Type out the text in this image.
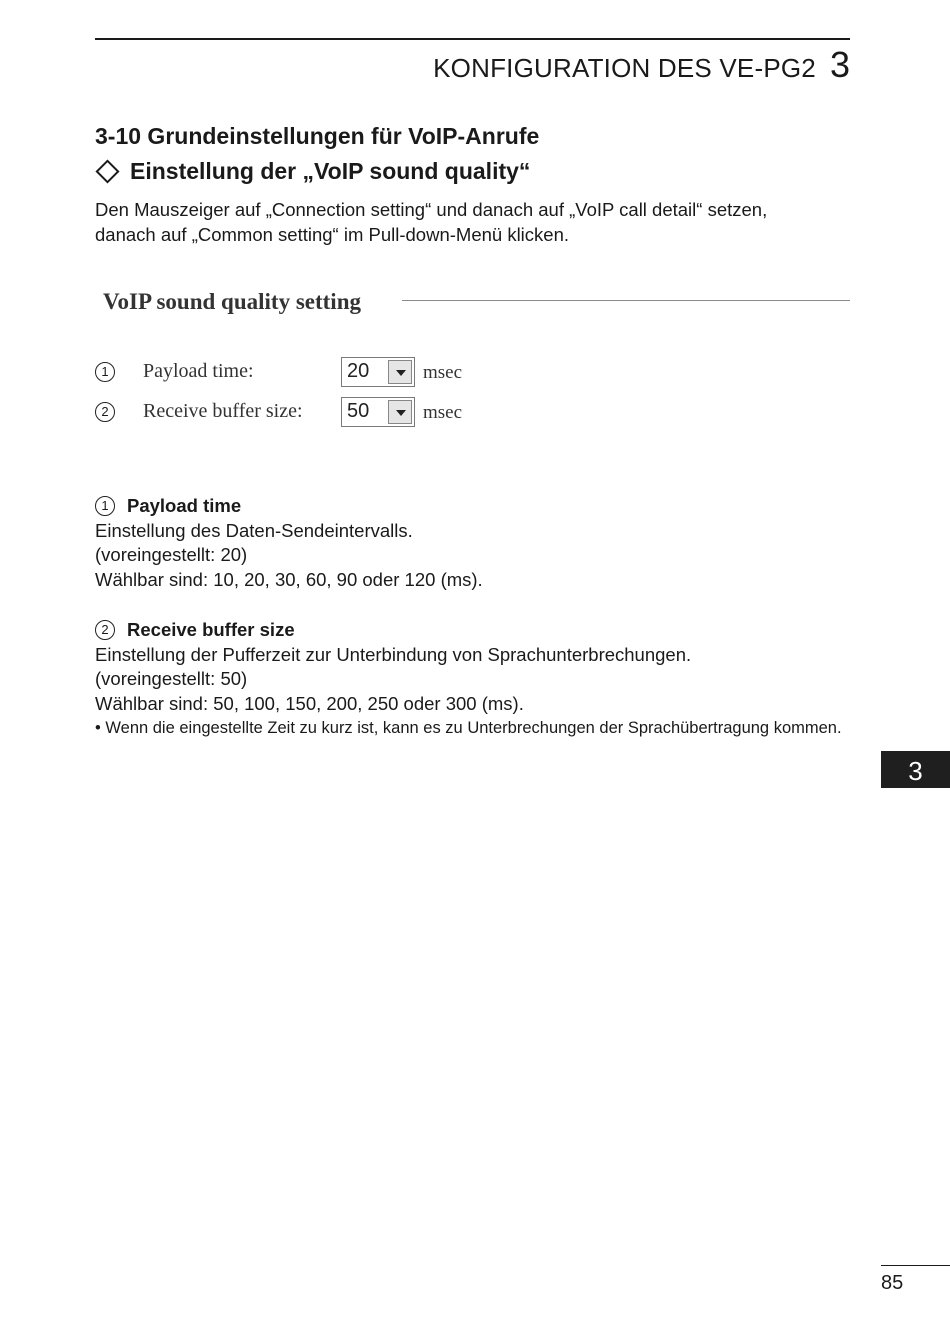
KONFIGURATION DES VE-PG2 3
3-10 Grundeinstellungen für VoIP-Anrufe
Einstellung der „VoIP sound quality“

Den Mauszeiger auf „Connection setting“ und danach auf „VoIP call detail“ setzen,

danach auf „Common setting“ im Pull-down-Menü klicken.

VoIP sound quality setting
1	Payload time:	20	msec
2	Receive buffer size: 50	msec
1 Payload time

Einstellung des Daten-Sendeintervalls.

(voreingestellt: 20)

Wählbar sind: 10, 20, 30, 60, 90 oder 120 (ms).

2 Receive buffer size

Einstellung der Pufferzeit zur Unterbindung von Sprachunterbrechungen.

(voreingestellt: 50)

Wählbar sind: 50, 100, 150, 200, 250 oder 300 (ms).

• Wenn die eingestellte Zeit zu kurz ist, kann es zu Unterbrechungen der Sprachübertragung kommen.

3
85
